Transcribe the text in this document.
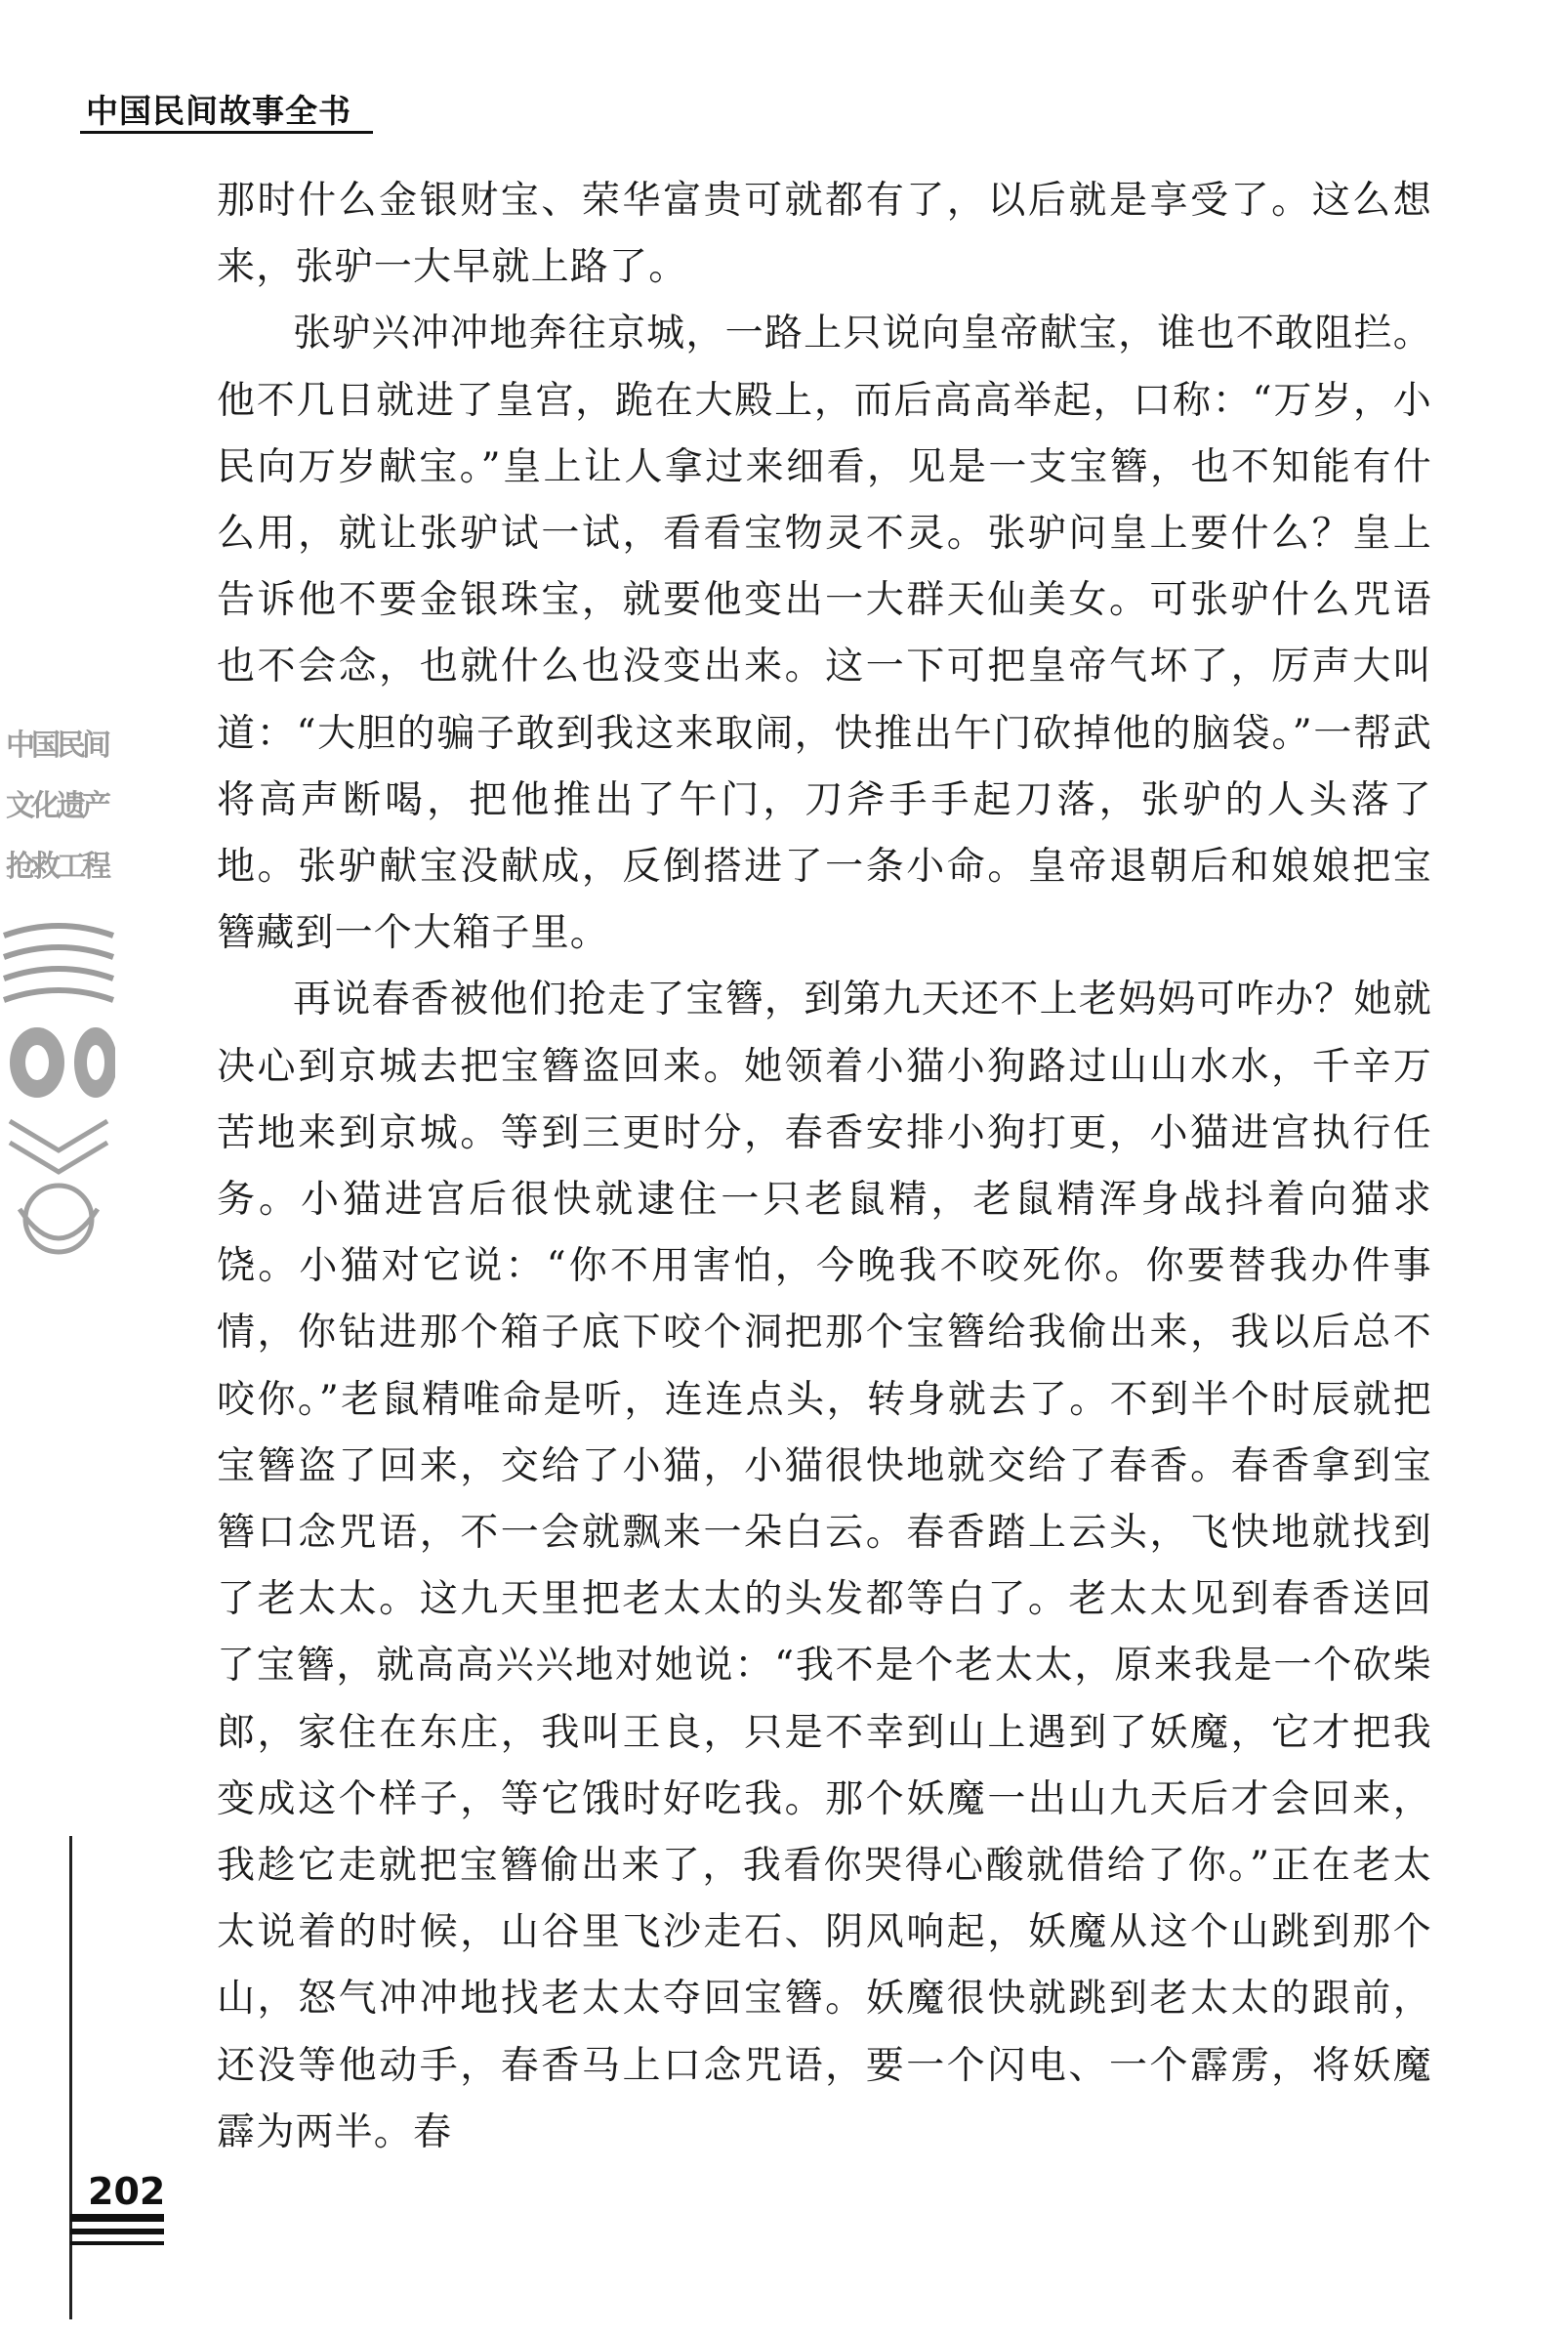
中国民间故事全书

那时什么金银财宝、荣华富贵可就都有了，以后就是享受了。这么想来，张驴一大早就上路了。

张驴兴冲冲地奔往京城，一路上只说向皇帝献宝，谁也不敢阻拦。他不几日就进了皇宫，跪在大殿上，而后高高举起，口称：“万岁，小民向万岁献宝。”皇上让人拿过来细看，见是一支宝簪，也不知能有什么用，就让张驴试一试，看看宝物灵不灵。张驴问皇上要什么？皇上告诉他不要金银珠宝，就要他变出一大群天仙美女。可张驴什么咒语也不会念，也就什么也没变出来。这一下可把皇帝气坏了，厉声大叫道：“大胆的骗子敢到我这来取闹，快推出午门砍掉他的脑袋。”一帮武将高声断喝，把他推出了午门，刀斧手手起刀落，张驴的人头落了地。张驴献宝没献成，反倒搭进了一条小命。皇帝退朝后和娘娘把宝簪藏到一个大箱子里。

再说春香被他们抢走了宝簪，到第九天还不上老妈妈可咋办？她就决心到京城去把宝簪盗回来。她领着小猫小狗路过山山水水，千辛万苦地来到京城。等到三更时分，春香安排小狗打更，小猫进宫执行任务。小猫进宫后很快就逮住一只老鼠精，老鼠精浑身战抖着向猫求饶。小猫对它说：“你不用害怕，今晚我不咬死你。你要替我办件事情，你钻进那个箱子底下咬个洞把那个宝簪给我偷出来，我以后总不咬你。”老鼠精唯命是听，连连点头，转身就去了。不到半个时辰就把宝簪盗了回来，交给了小猫，小猫很快地就交给了春香。春香拿到宝簪口念咒语，不一会就飘来一朵白云。春香踏上云头，飞快地就找到了老太太。这九天里把老太太的头发都等白了。老太太见到春香送回了宝簪，就高高兴兴地对她说：“我不是个老太太，原来我是一个砍柴郎，家住在东庄，我叫王良，只是不幸到山上遇到了妖魔，它才把我变成这个样子，等它饿时好吃我。那个妖魔一出山九天后才会回来，我趁它走就把宝簪偷出来了，我看你哭得心酸就借给了你。”正在老太太说着的时候，山谷里飞沙走石、阴风响起，妖魔从这个山跳到那个山，怒气冲冲地找老太太夺回宝簪。妖魔很快就跳到老太太的跟前，还没等他动手，春香马上口念咒语，要一个闪电、一个霹雳，将妖魔霹为两半。春

中国民间
文化遗产
抢救工程
202
